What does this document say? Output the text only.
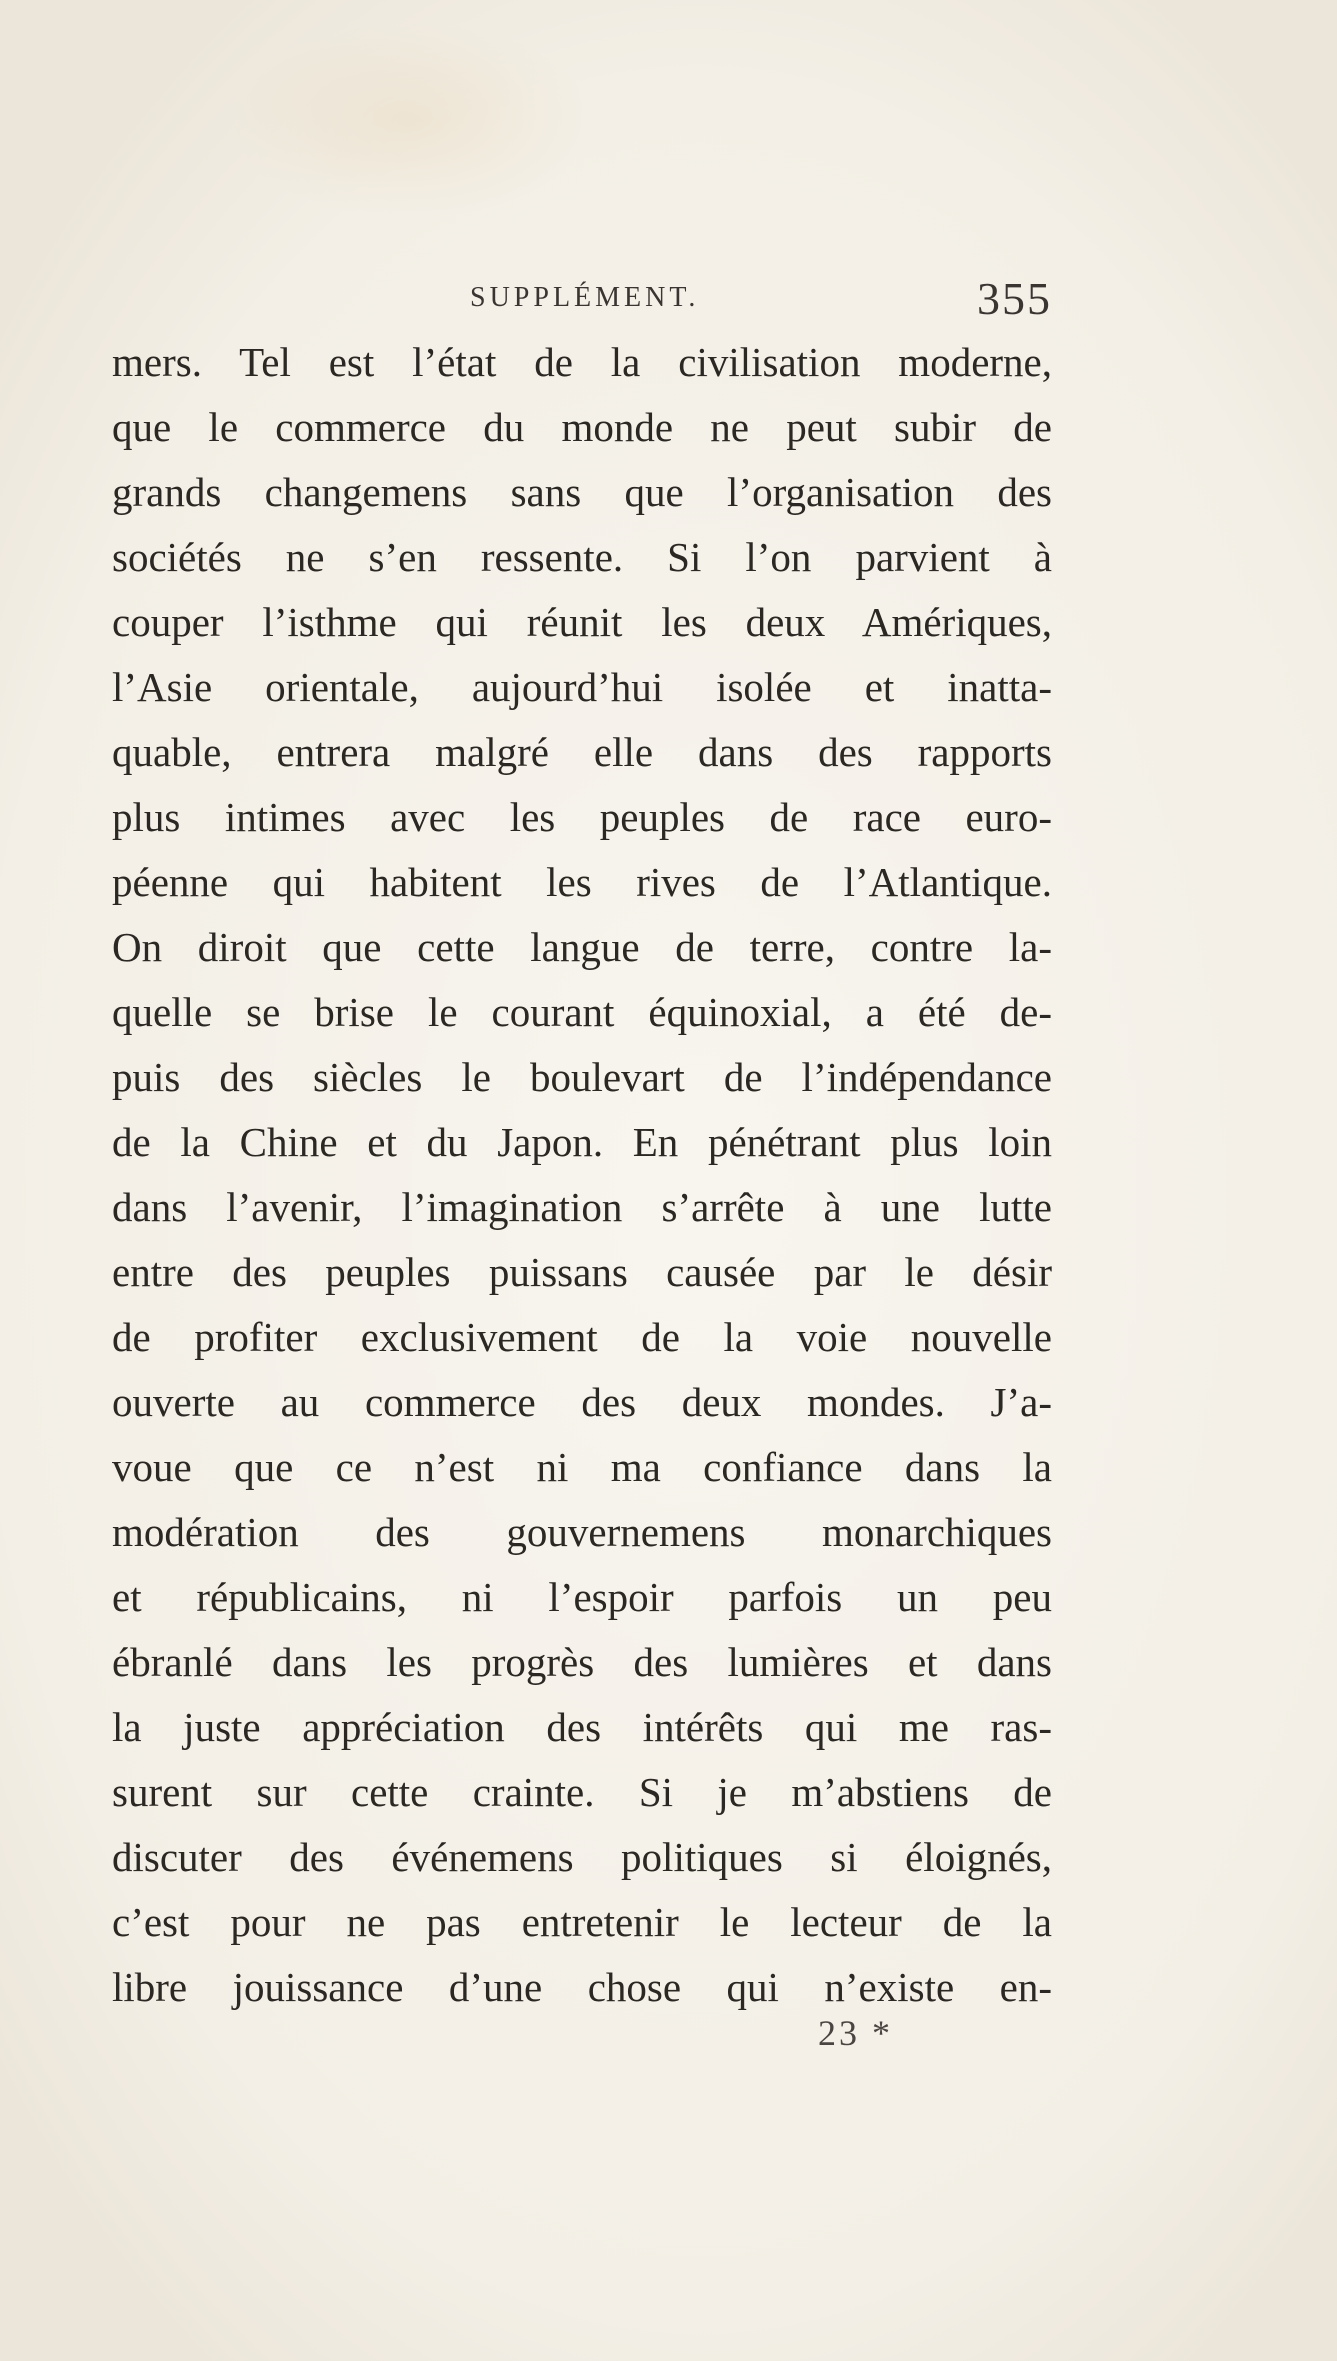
SUPPLÉMENT.	355
mers. Tel est l’état de la civilisation moderne,
que le commerce du monde ne peut subir de
grands changemens sans que l’organisation des
sociétés ne s’en ressente. Si l’on parvient à
couper l’isthme qui réunit les deux Amériques,
l’Asie orientale, aujourd’hui isolée et inatta-
quable, entrera malgré elle dans des rapports
plus intimes avec les peuples de race euro-
péenne qui habitent les rives de l’Atlantique.
On diroit que cette langue de terre, contre la-
quelle se brise le courant équinoxial, a été de-
puis des siècles le boulevart de l’indépendance
de la Chine et du Japon. En pénétrant plus loin
dans l’avenir, l’imagination s’arrête à une lutte
entre des peuples puissans causée par le désir
de profiter exclusivement de la voie nouvelle
ouverte au commerce des deux mondes. J’a-
voue que ce n’est ni ma confiance dans la
modération des gouvernemens monarchiques
et républicains, ni l’espoir parfois un peu
ébranlé dans les progrès des lumières et dans
la juste appréciation des intérêts qui me ras-
surent sur cette crainte. Si je m’abstiens de
discuter des événemens politiques si éloignés,
c’est pour ne pas entretenir le lecteur de la
libre jouissance d’une chose qui n’existe en-
23 *
